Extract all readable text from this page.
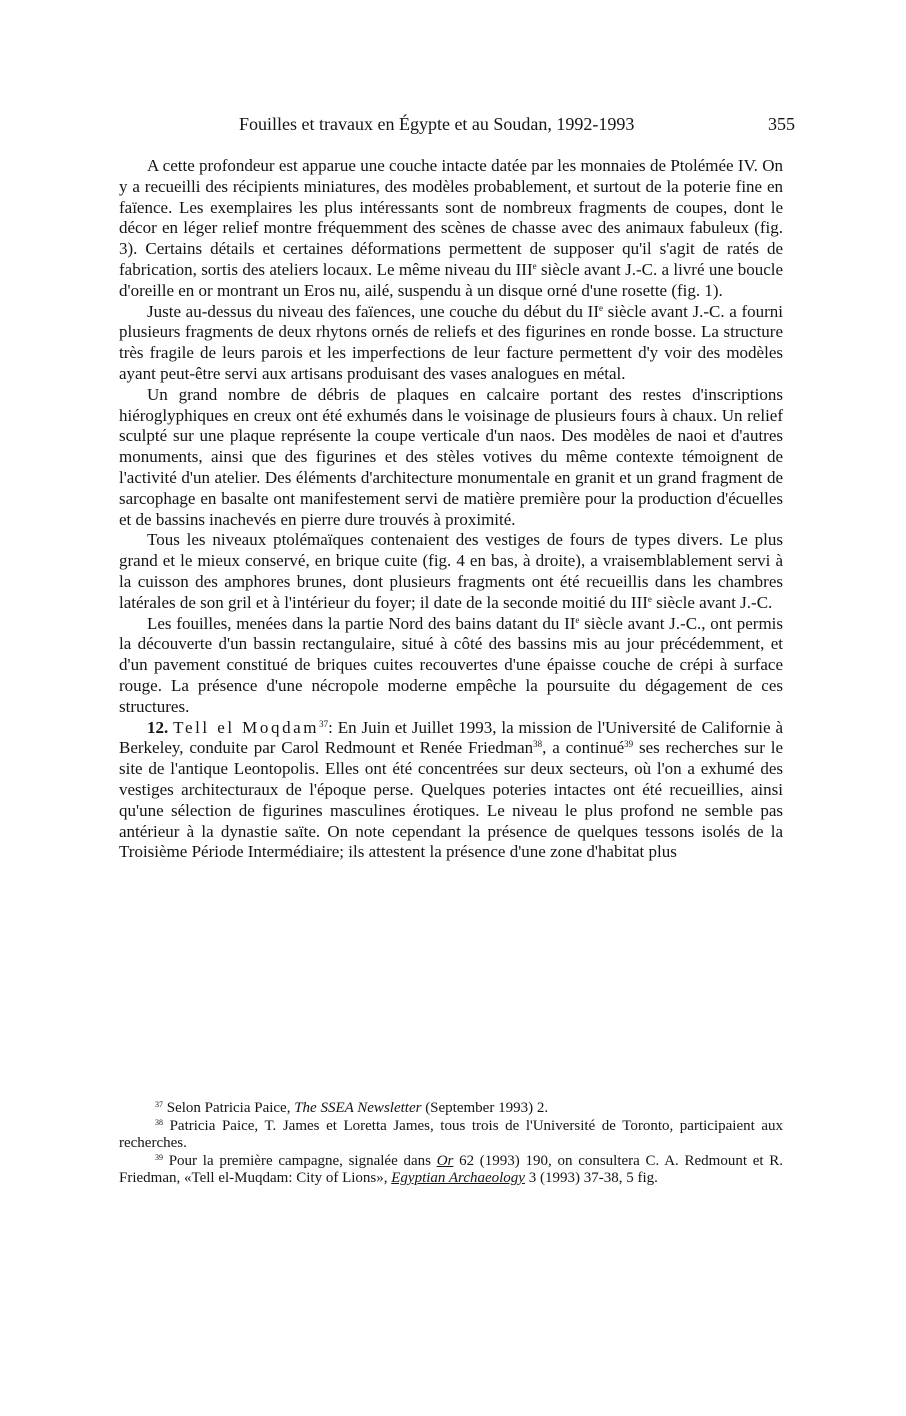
Fouilles et travaux en Égypte et au Soudan, 1992-1993	355

A cette profondeur est apparue une couche intacte datée par les monnaies de Ptolémée IV. On y a recueilli des récipients miniatures, des modèles probablement, et surtout de la poterie fine en faïence. Les exemplaires les plus intéressants sont de nombreux fragments de coupes, dont le décor en léger relief montre fréquemment des scènes de chasse avec des animaux fabuleux (fig. 3). Certains détails et certaines déformations permettent de supposer qu'il s'agit de ratés de fabrication, sortis des ateliers locaux. Le même niveau du IIIe siècle avant J.-C. a livré une boucle d'oreille en or montrant un Eros nu, ailé, suspendu à un disque orné d'une rosette (fig. 1).

Juste au-dessus du niveau des faïences, une couche du début du IIe siècle avant J.-C. a fourni plusieurs fragments de deux rhytons ornés de reliefs et des figurines en ronde bosse. La structure très fragile de leurs parois et les imperfections de leur facture permettent d'y voir des modèles ayant peut-être servi aux artisans produisant des vases analogues en métal.

Un grand nombre de débris de plaques en calcaire portant des restes d'inscriptions hiéroglyphiques en creux ont été exhumés dans le voisinage de plusieurs fours à chaux. Un relief sculpté sur une plaque représente la coupe verticale d'un naos. Des modèles de naoi et d'autres monuments, ainsi que des figurines et des stèles votives du même contexte témoignent de l'activité d'un atelier. Des éléments d'architecture monumentale en granit et un grand fragment de sarcophage en basalte ont manifestement servi de matière première pour la production d'écuelles et de bassins inachevés en pierre dure trouvés à proximité.

Tous les niveaux ptolémaïques contenaient des vestiges de fours de types divers. Le plus grand et le mieux conservé, en brique cuite (fig. 4 en bas, à droite), a vraisemblablement servi à la cuisson des amphores brunes, dont plusieurs fragments ont été recueillis dans les chambres latérales de son gril et à l'intérieur du foyer; il date de la seconde moitié du IIIe siècle avant J.-C.

Les fouilles, menées dans la partie Nord des bains datant du IIe siècle avant J.-C., ont permis la découverte d'un bassin rectangulaire, situé à côté des bassins mis au jour précédemment, et d'un pavement constitué de briques cuites recouvertes d'une épaisse couche de crépi à surface rouge. La présence d'une nécropole moderne empêche la poursuite du dégagement de ces structures.

12. Tell el Moqdam$^{37}$: En Juin et Juillet 1993, la mission de l'Université de Californie à Berkeley, conduite par Carol Redmount et Renée Friedman$^{38}$, a continué$^{39}$ ses recherches sur le site de l'antique Leontopolis. Elles ont été concentrées sur deux secteurs, où l'on a exhumé des vestiges architecturaux de l'époque perse. Quelques poteries intactes ont été recueillies, ainsi qu'une sélection de figurines masculines érotiques. Le niveau le plus profond ne semble pas antérieur à la dynastie saïte. On note cependant la présence de quelques tessons isolés de la Troisième Période Intermédiaire; ils attestent la présence d'une zone d'habitat plus

$^{37}$ Selon Patricia Paice, The SSEA Newsletter (September 1993) 2.

$^{38}$ Patricia Paice, T. James et Loretta James, tous trois de l'Université de Toronto, participaient aux recherches.

$^{39}$ Pour la première campagne, signalée dans Or 62 (1993) 190, on consultera C. A. Redmount et R. Friedman, «Tell el-Muqdam: City of Lions», Egyptian Archaeology 3 (1993) 37-38, 5 fig.
